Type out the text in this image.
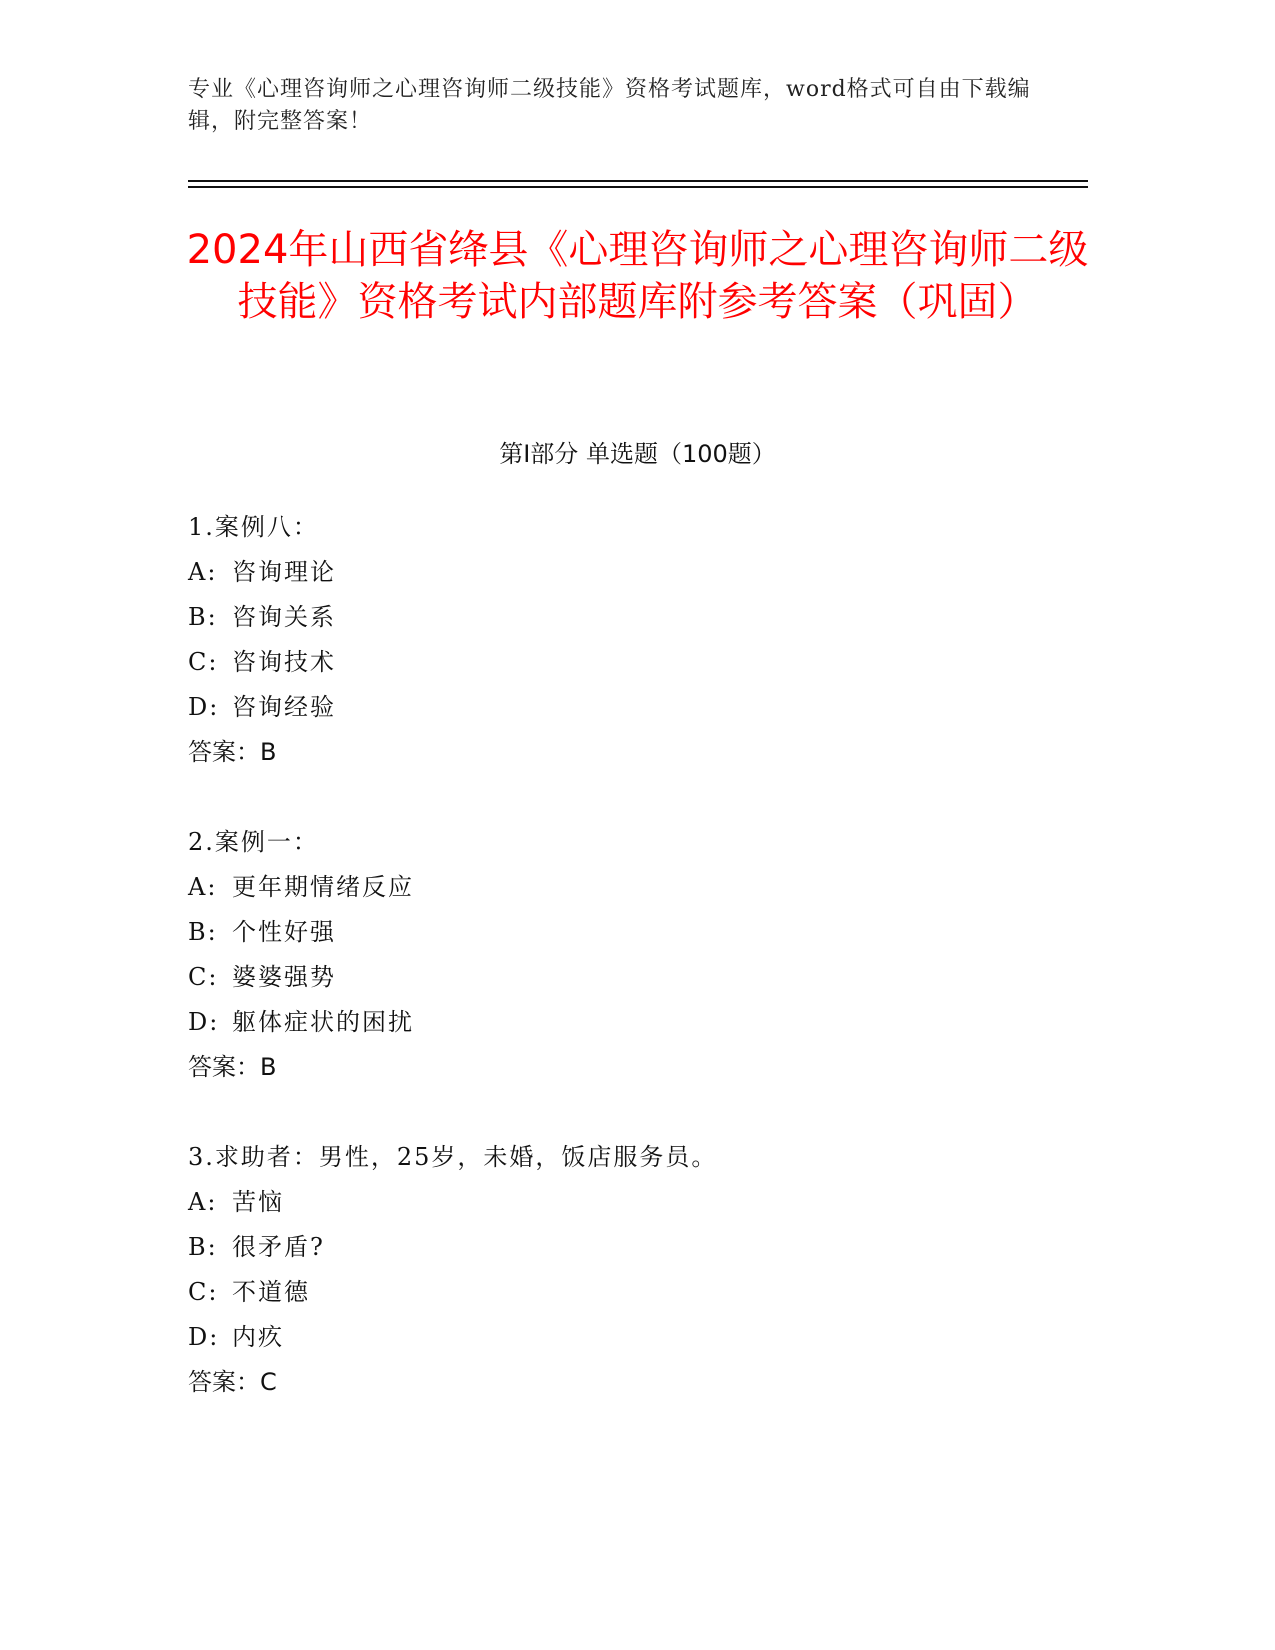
专业《心理咨询师之心理咨询师二级技能》资格考试题库，word格式可自由下载编辑，附完整答案！
2024年山西省绛县《心理咨询师之心理咨询师二级技能》资格考试内部题库附参考答案（巩固）
第I部分 单选题（100题）
1.案例八：
A: 咨询理论
B: 咨询关系
C: 咨询技术
D: 咨询经验
答案：B
2.案例一：
A: 更年期情绪反应
B: 个性好强
C: 婆婆强势
D: 躯体症状的困扰
答案：B
3.求助者：男性，25岁，未婚，饭店服务员。
A: 苦恼
B: 很矛盾?
C: 不道德
D: 内疚
答案：C
